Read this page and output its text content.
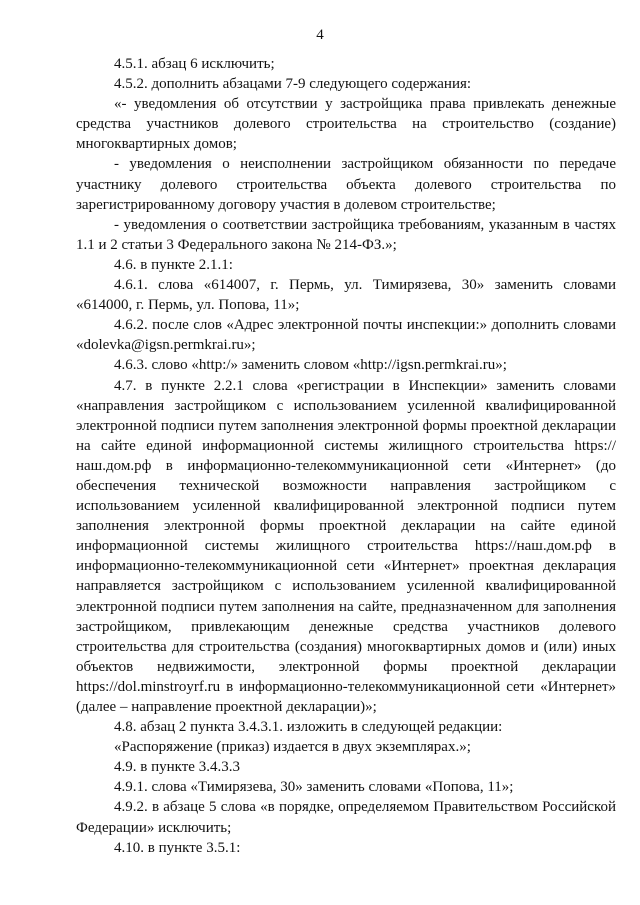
4

4.5.1. абзац 6 исключить;

4.5.2. дополнить абзацами 7-9 следующего содержания:

«- уведомления об отсутствии у застройщика права привлекать денежные средства участников долевого строительства на строительство (создание) многоквартирных домов;

- уведомления о неисполнении застройщиком обязанности по передаче участнику долевого строительства объекта долевого строительства по зарегистрированному договору участия в долевом строительстве;

- уведомления о соответствии застройщика требованиям, указанным в частях 1.1 и 2 статьи 3 Федерального закона № 214-ФЗ.»;

4.6. в пункте 2.1.1:

4.6.1. слова «614007, г. Пермь, ул. Тимирязева, 30» заменить словами «614000, г. Пермь, ул. Попова, 11»;

4.6.2. после слов «Адрес электронной почты инспекции:» дополнить словами «dolevka@igsn.permkrai.ru»;

4.6.3. слово «http:/» заменить словом «http://igsn.permkrai.ru»;

4.7. в пункте 2.2.1 слова «регистрации в Инспекции» заменить словами «направления застройщиком с использованием усиленной квалифицированной электронной подписи путем заполнения электронной формы проектной декларации на сайте единой информационной системы жилищного строительства https://наш.дом.рф в информационно-телекоммуникационной сети «Интернет» (до обеспечения технической возможности направления застройщиком с использованием усиленной квалифицированной электронной подписи путем заполнения электронной формы проектной декларации на сайте единой информационной системы жилищного строительства https://наш.дом.рф в информационно-телекоммуникационной сети «Интернет» проектная декларация направляется застройщиком с использованием усиленной квалифицированной электронной подписи путем заполнения на сайте, предназначенном для заполнения застройщиком, привлекающим денежные средства участников долевого строительства для строительства (создания) многоквартирных домов и (или) иных объектов недвижимости, электронной формы проектной декларации https://dol.minstroyrf.ru в информационно-телекоммуникационной сети «Интернет» (далее – направление проектной декларации)»;

4.8. абзац 2 пункта 3.4.3.1. изложить в следующей редакции:

«Распоряжение (приказ) издается в двух экземплярах.»;

4.9. в пункте 3.4.3.3

4.9.1. слова «Тимирязева, 30» заменить словами «Попова, 11»;

4.9.2. в абзаце 5 слова «в порядке, определяемом Правительством Российской Федерации» исключить;

4.10. в пункте 3.5.1:
